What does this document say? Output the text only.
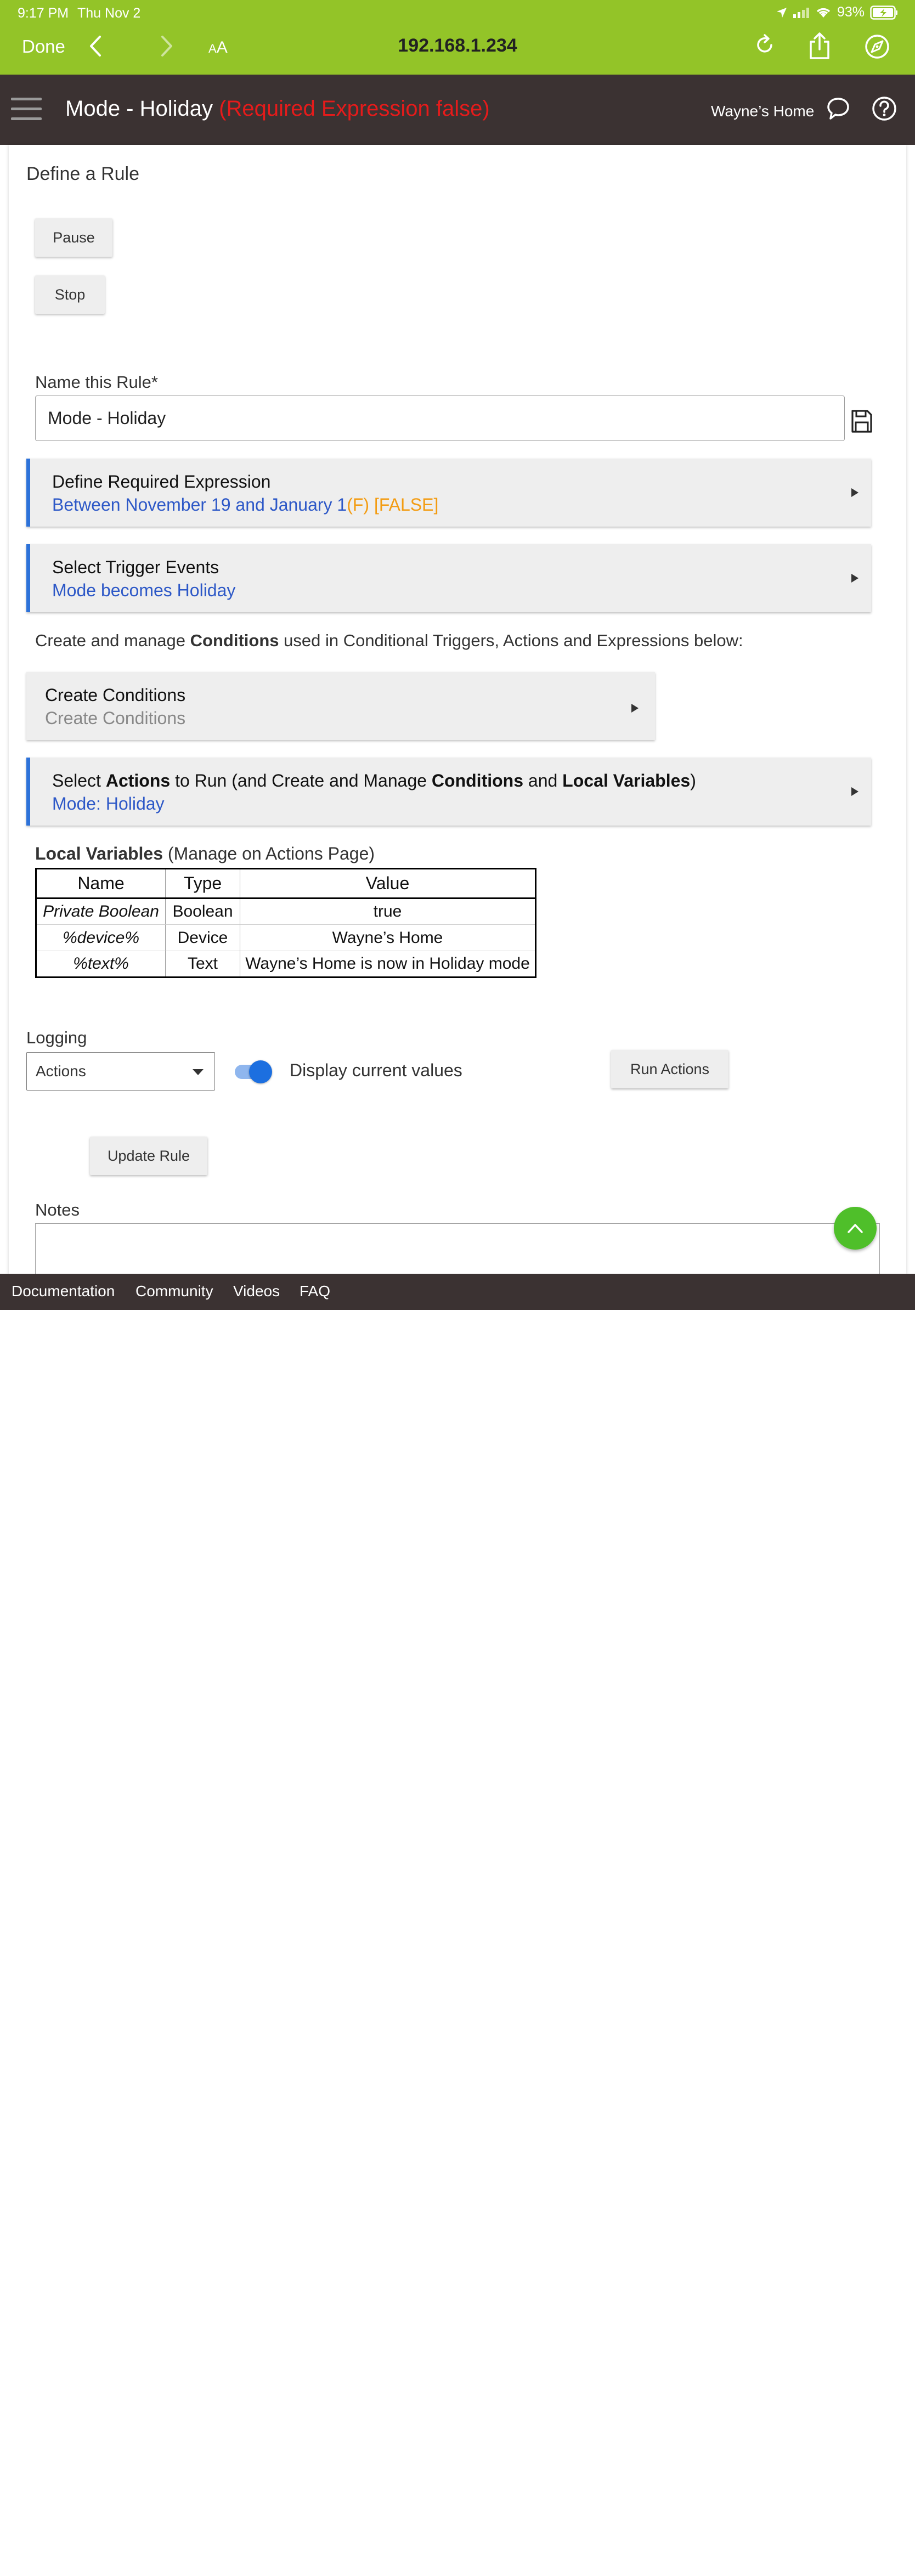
9:17 PM Thu Nov 2	93%
Done	AA	192.168.1.234
Mode - Holiday (Required Expression false)	Wayne’s Home
Define a Rule
Pause
Stop
Name this Rule*
Mode - Holiday
Define Required Expression
Between November 19 and January 1(F) [FALSE]
Select Trigger Events
Mode becomes Holiday
Create and manage Conditions used in Conditional Triggers, Actions and Expressions below:
Create Conditions
Create Conditions
Select Actions to Run (and Create and Manage Conditions and Local Variables)
Mode: Holiday
Local Variables (Manage on Actions Page)
Name	Type	Value
Private Boolean	Boolean	true
%device%	Device	Wayne’s Home
%text%	Text	Wayne’s Home is now in Holiday mode
Logging
Actions	Display current values	Run Actions
Update Rule
Notes
Documentation Community Videos FAQ
